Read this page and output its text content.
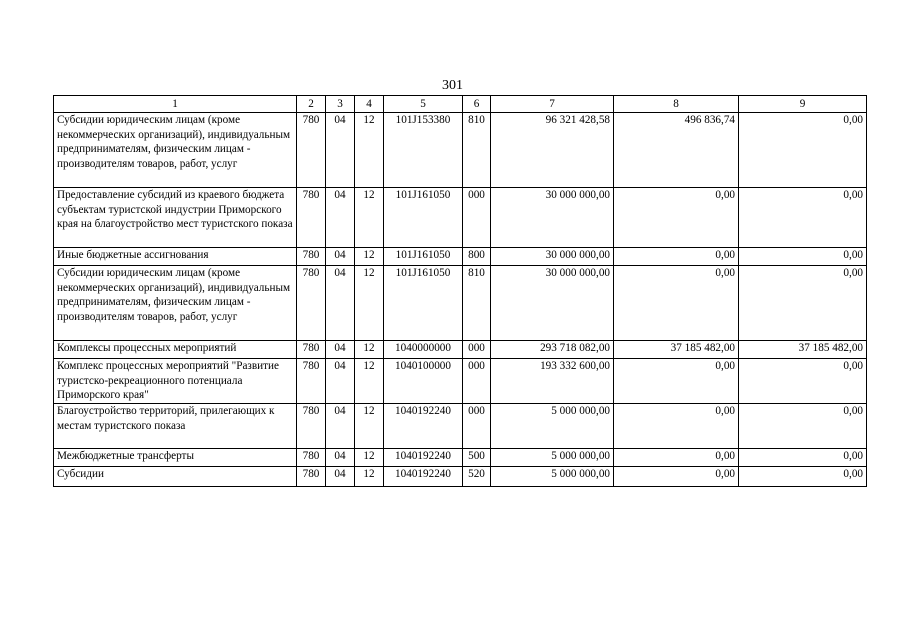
301
1	2	3	4	5	6	7	8	9
Субсидии юридическим лицам (кроме некоммерческих организаций), индивидуальным предпринимателям, физическим лицам - производителям товаров, работ, услуг	780	04	12	101J153380	810	96 321 428,58	496 836,74	0,00
Предоставление субсидий из краевого бюджета субъектам туристской индустрии Приморского края на благоустройство мест туристского показа	780	04	12	101J161050	000	30 000 000,00	0,00	0,00
Иные бюджетные ассигнования	780	04	12	101J161050	800	30 000 000,00	0,00	0,00
Субсидии юридическим лицам (кроме некоммерческих организаций), индивидуальным предпринимателям, физическим лицам - производителям товаров, работ, услуг	780	04	12	101J161050	810	30 000 000,00	0,00	0,00
Комплексы процессных мероприятий	780	04	12	1040000000	000	293 718 082,00	37 185 482,00	37 185 482,00
Комплекс процессных мероприятий "Развитие туристско-рекреационного потенциала Приморского края"	780	04	12	1040100000	000	193 332 600,00	0,00	0,00
Благоустройство территорий, прилегающих к местам туристского показа	780	04	12	1040192240	000	5 000 000,00	0,00	0,00
Межбюджетные трансферты	780	04	12	1040192240	500	5 000 000,00	0,00	0,00
Субсидии	780	04	12	1040192240	520	5 000 000,00	0,00	0,00
